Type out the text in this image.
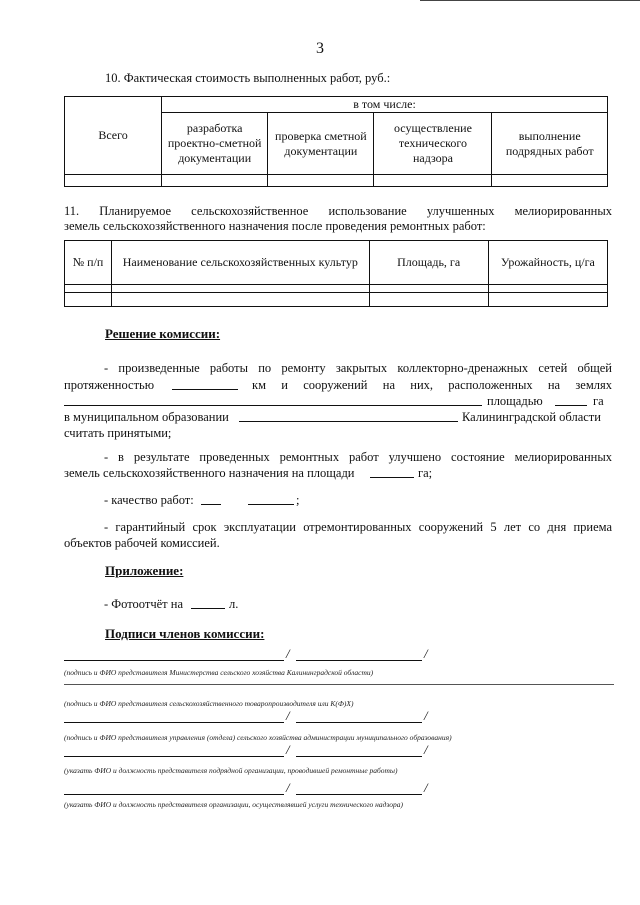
3
10. Фактическая стоимость выполненных работ, руб.:
Всего	в том числе:			
	разработка проектно-сметной документации	проверка сметной документации	осуществление технического надзора	выполнение подрядных работ

11. Планируемое сельскохозяйственное использование улучшенных мелиорированных
земель сельскохозяйственного назначения после проведения ремонтных работ:
№ п/п	Наименование сельскохозяйственных культур	Площадь, га	Урожайность, ц/га

Решение комиссии:
- произведенные работы по ремонту закрытых коллекторно-дренажных сетей общей
протяженностью	км и сооружений на них, расположенных на землях
площадью	га
в муниципальном образовании	Калининградской области
считать принятыми;
- в результате проведенных ремонтных работ улучшено состояние мелиорированных
земель сельскохозяйственного назначения на площади	га;
- качество работ:	;
- гарантийный срок эксплуатации отремонтированных сооружений 5 лет со дня приема
объектов рабочей комиссией.
Приложение:
- Фотоотчёт на	л.
Подписи членов комиссии:
/	/
(подпись и ФИО представителя Министерства сельского хозяйства Калининградской области)
/	/
(подпись и ФИО представителя сельскохозяйственного товаропроизводителя или К(Ф)Х)
/	/
(подпись и ФИО представителя управления (отдела) сельского хозяйства администрации муниципального образования)
(указать ФИО и должность представителя подрядной организации, проводившей ремонтные работы)
/	/
(указать ФИО и должность представителя организации, осуществлявшей услуги технического надзора)
